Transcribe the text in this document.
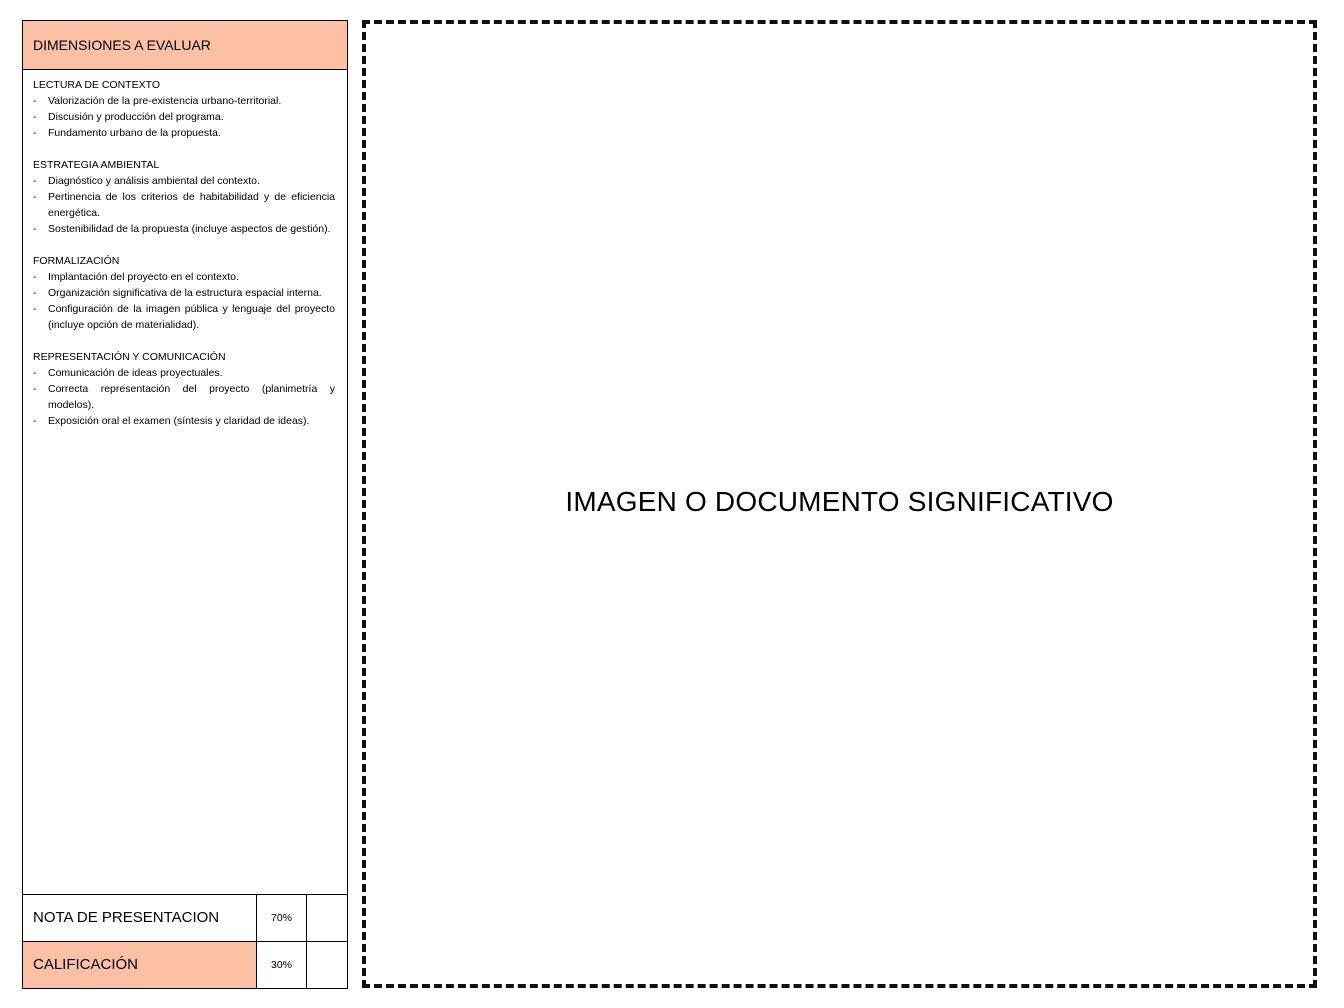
DIMENSIONES A EVALUAR
LECTURA DE CONTEXTO
-	Valorización de la pre-existencia urbano-territorial.
-	Discusión y producción del programa.
-	Fundamento urbano de la propuesta.
ESTRATEGIA AMBIENTAL
-	Diagnóstico y análisis ambiental del contexto.
-	Pertinencia de los criterios de habitabilidad y de eficiencia energética.
-	Sostenibilidad de la propuesta (incluye aspectos de gestión).
FORMALIZACIÓN
-	Implantación del proyecto en el contexto.
-	Organización significativa de la estructura espacial interna.
-	Configuración de la imagen pública y lenguaje del proyecto (incluye opción de materialidad).
REPRESENTACIÓN Y COMUNICACIÓN
-	Comunicación de ideas proyectuales.
-	Correcta representación del proyecto (planimetría y modelos).
-	Exposición oral el examen (síntesis y claridad de ideas).
NOTA DE PRESENTACION	70%
CALIFICACIÓN	30%
IMAGEN O DOCUMENTO SIGNIFICATIVO
